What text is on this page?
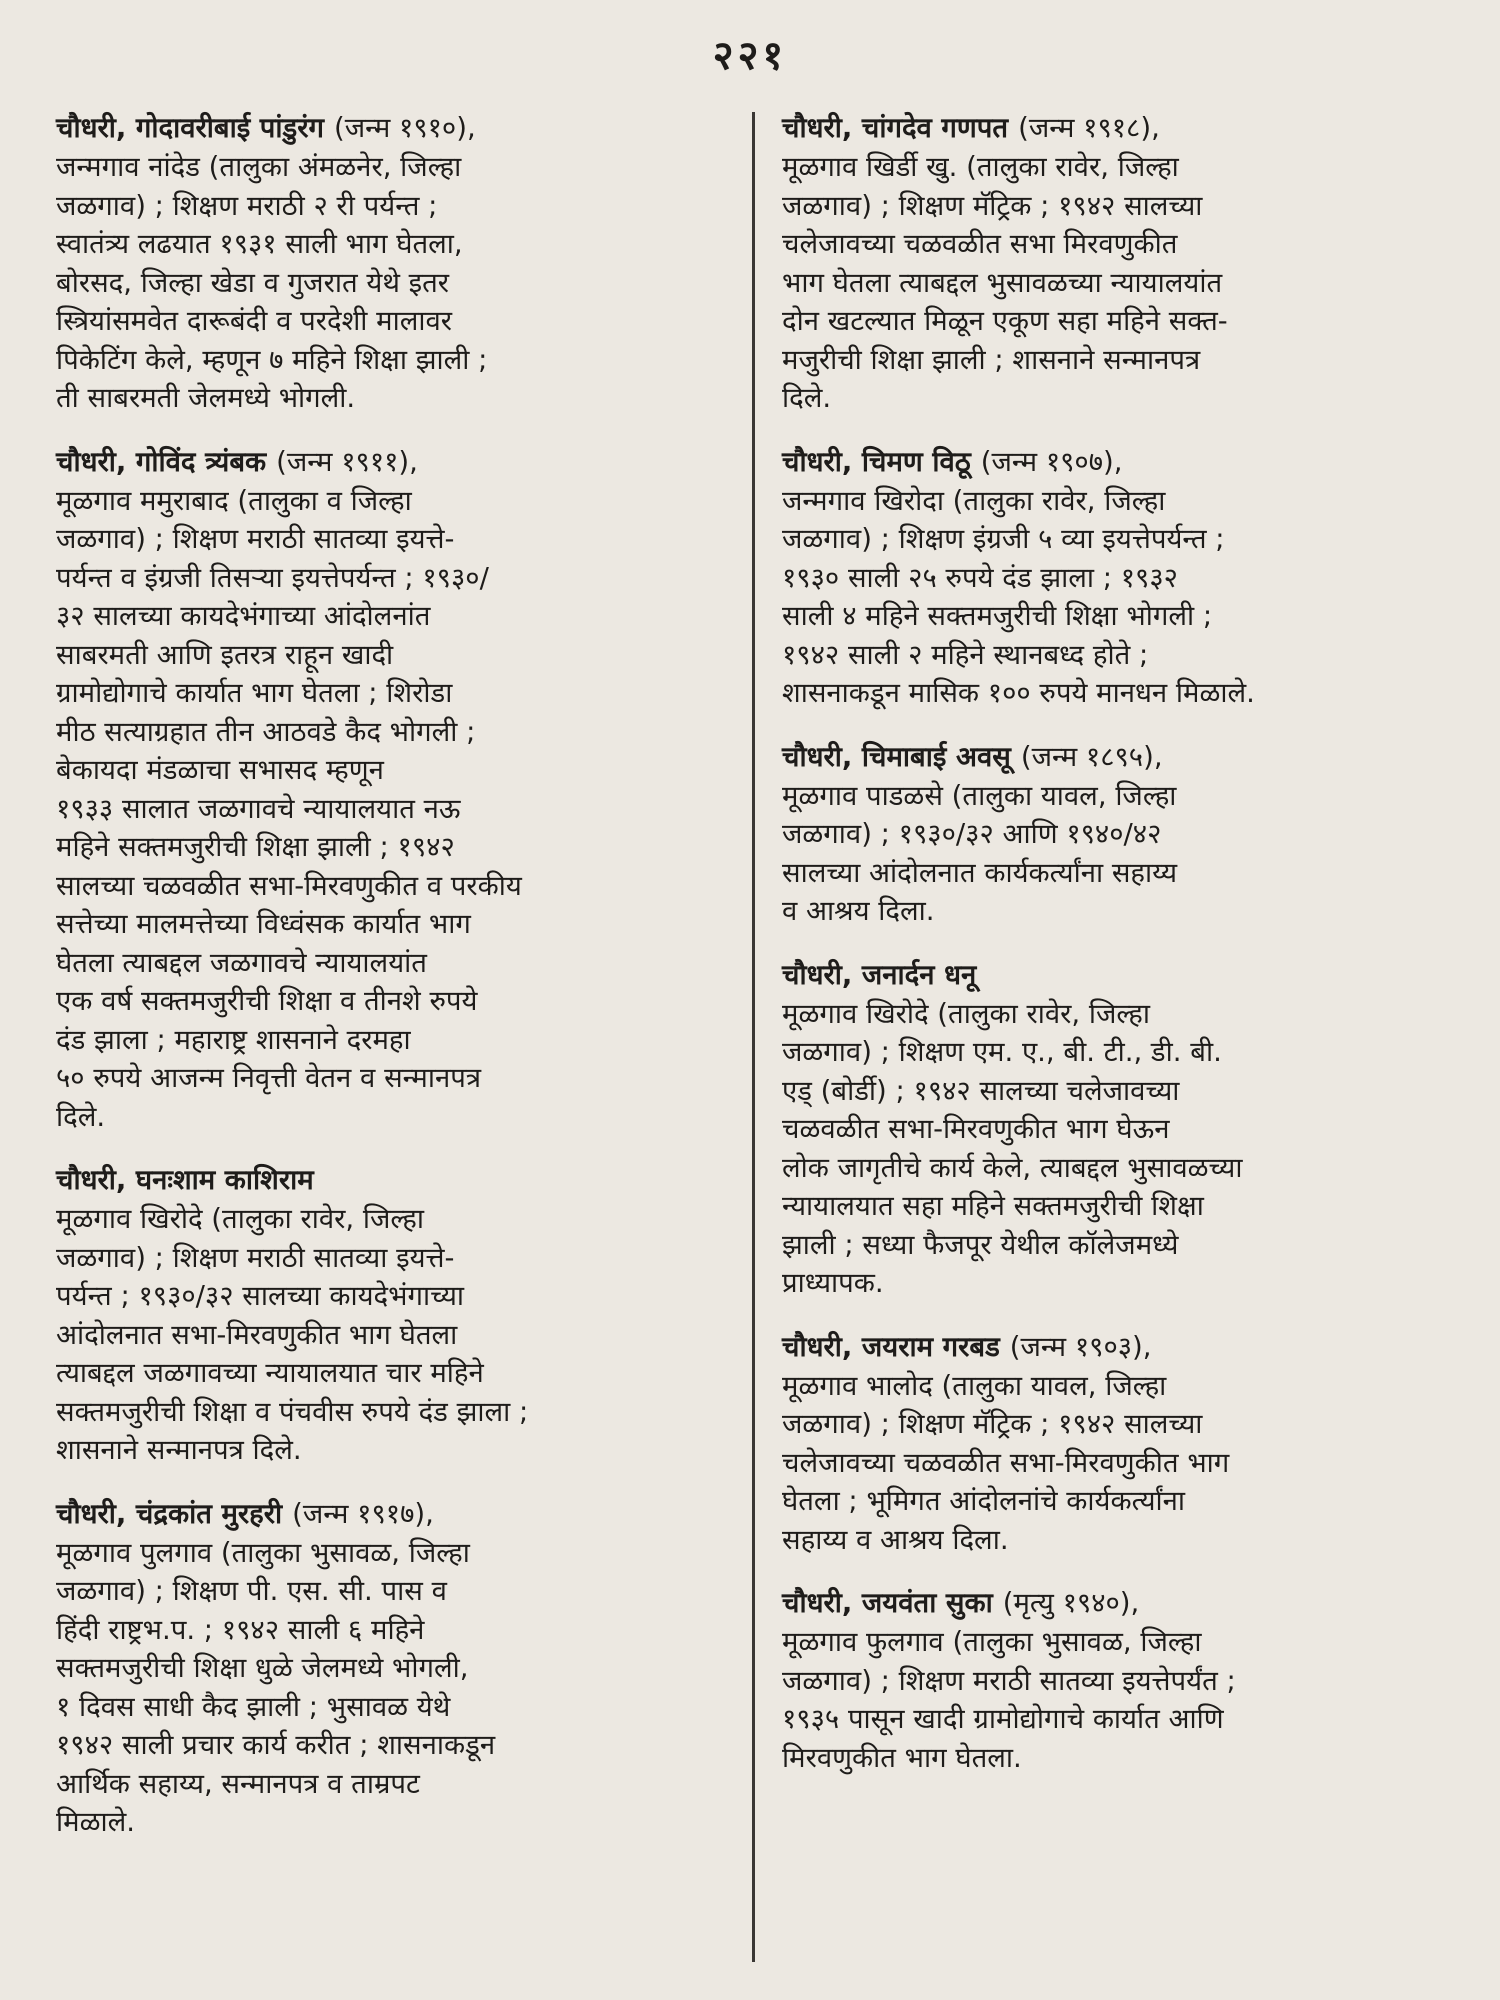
२२१
चौधरी, गोदावरीबाई पांडुरंग (जन्म १९१०),
जन्मगाव नांदेड (तालुका अंमळनेर, जिल्हा
जळगाव) ; शिक्षण मराठी २ री पर्यन्त ;
स्वातंत्र्य लढयात १९३१ साली भाग घेतला,
बोरसद, जिल्हा खेडा व गुजरात येथे इतर
स्त्रियांसमवेत दारूबंदी व परदेशी मालावर
पिकेटिंग केले, म्हणून ७ महिने शिक्षा झाली ;
ती साबरमती जेलमध्ये भोगली.
चौधरी, गोविंद त्र्यंबक (जन्म १९११),
मूळगाव ममुराबाद (तालुका व जिल्हा
जळगाव) ; शिक्षण मराठी सातव्या इयत्ते-
पर्यन्त व इंग्रजी तिसऱ्या इयत्तेपर्यन्त ; १९३०/
३२ सालच्या कायदेभंगाच्या आंदोलनांत
साबरमती आणि इतरत्र राहून खादी
ग्रामोद्योगाचे कार्यात भाग घेतला ; शिरोडा
मीठ सत्याग्रहात तीन आठवडे कैद भोगली ;
बेकायदा मंडळाचा सभासद म्हणून
१९३३ सालात जळगावचे न्यायालयात नऊ
महिने सक्तमजुरीची शिक्षा झाली ; १९४२
सालच्या चळवळीत सभा-मिरवणुकीत व परकीय
सत्तेच्या मालमत्तेच्या विध्वंसक कार्यात भाग
घेतला त्याबद्दल जळगावचे न्यायालयांत
एक वर्ष सक्तमजुरीची शिक्षा व तीनशे रुपये
दंड झाला ; महाराष्ट्र शासनाने दरमहा
५० रुपये आजन्म निवृत्ती वेतन व सन्मानपत्र
दिले.
चौधरी, घनःशाम काशिराम
मूळगाव खिरोदे (तालुका रावेर, जिल्हा
जळगाव) ; शिक्षण मराठी सातव्या इयत्ते-
पर्यन्त ; १९३०/३२ सालच्या कायदेभंगाच्या
आंदोलनात सभा-मिरवणुकीत भाग घेतला
त्याबद्दल जळगावच्या न्यायालयात चार महिने
सक्तमजुरीची शिक्षा व पंचवीस रुपये दंड झाला ;
शासनाने सन्मानपत्र दिले.
चौधरी, चंद्रकांत मुरहरी (जन्म १९१७),
मूळगाव पुलगाव (तालुका भुसावळ, जिल्हा
जळगाव) ; शिक्षण पी. एस. सी. पास व
हिंदी राष्ट्रभ.प. ; १९४२ साली ६ महिने
सक्तमजुरीची शिक्षा धुळे जेलमध्ये भोगली,
१ दिवस साधी कैद झाली ; भुसावळ येथे
१९४२ साली प्रचार कार्य करीत ; शासनाकडून
आर्थिक सहाय्य, सन्मानपत्र व ताम्रपट
मिळाले.
चौधरी, चांगदेव गणपत (जन्म १९१८),
मूळगाव खिर्डी खु. (तालुका रावेर, जिल्हा
जळगाव) ; शिक्षण मॅट्रिक ; १९४२ सालच्या
चलेजावच्या चळवळीत सभा मिरवणुकीत
भाग घेतला त्याबद्दल भुसावळच्या न्यायालयांत
दोन खटल्यात मिळून एकूण सहा महिने सक्त-
मजुरीची शिक्षा झाली ; शासनाने सन्मानपत्र
दिले.
चौधरी, चिमण विठू (जन्म १९०७),
जन्मगाव खिरोदा (तालुका रावेर, जिल्हा
जळगाव) ; शिक्षण इंग्रजी ५ व्या इयत्तेपर्यन्त ;
१९३० साली २५ रुपये दंड झाला ; १९३२
साली ४ महिने सक्तमजुरीची शिक्षा भोगली ;
१९४२ साली २ महिने स्थानबध्द होते ;
शासनाकडून मासिक १०० रुपये मानधन मिळाले.
चौधरी, चिमाबाई अवसू (जन्म १८९५),
मूळगाव पाडळसे (तालुका यावल, जिल्हा
जळगाव) ; १९३०/३२ आणि १९४०/४२
सालच्या आंदोलनात कार्यकर्त्यांना सहाय्य
व आश्रय दिला.
चौधरी, जनार्दन धनू
मूळगाव खिरोदे (तालुका रावेर, जिल्हा
जळगाव) ; शिक्षण एम. ए., बी. टी., डी. बी.
एड् (बोर्डी) ; १९४२ सालच्या चलेजावच्या
चळवळीत सभा-मिरवणुकीत भाग घेऊन
लोक जागृतीचे कार्य केले, त्याबद्दल भुसावळच्या
न्यायालयात सहा महिने सक्तमजुरीची शिक्षा
झाली ; सध्या फैजपूर येथील कॉलेजमध्ये
प्राध्यापक.
चौधरी, जयराम गरबड (जन्म १९०३),
मूळगाव भालोद (तालुका यावल, जिल्हा
जळगाव) ; शिक्षण मॅट्रिक ; १९४२ सालच्या
चलेजावच्या चळवळीत सभा-मिरवणुकीत भाग
घेतला ; भूमिगत आंदोलनांचे कार्यकर्त्यांना
सहाय्य व आश्रय दिला.
चौधरी, जयवंता सुका (मृत्यु १९४०),
मूळगाव फुलगाव (तालुका भुसावळ, जिल्हा
जळगाव) ; शिक्षण मराठी सातव्या इयत्तेपर्यंत ;
१९३५ पासून खादी ग्रामोद्योगाचे कार्यात आणि
मिरवणुकीत भाग घेतला.
